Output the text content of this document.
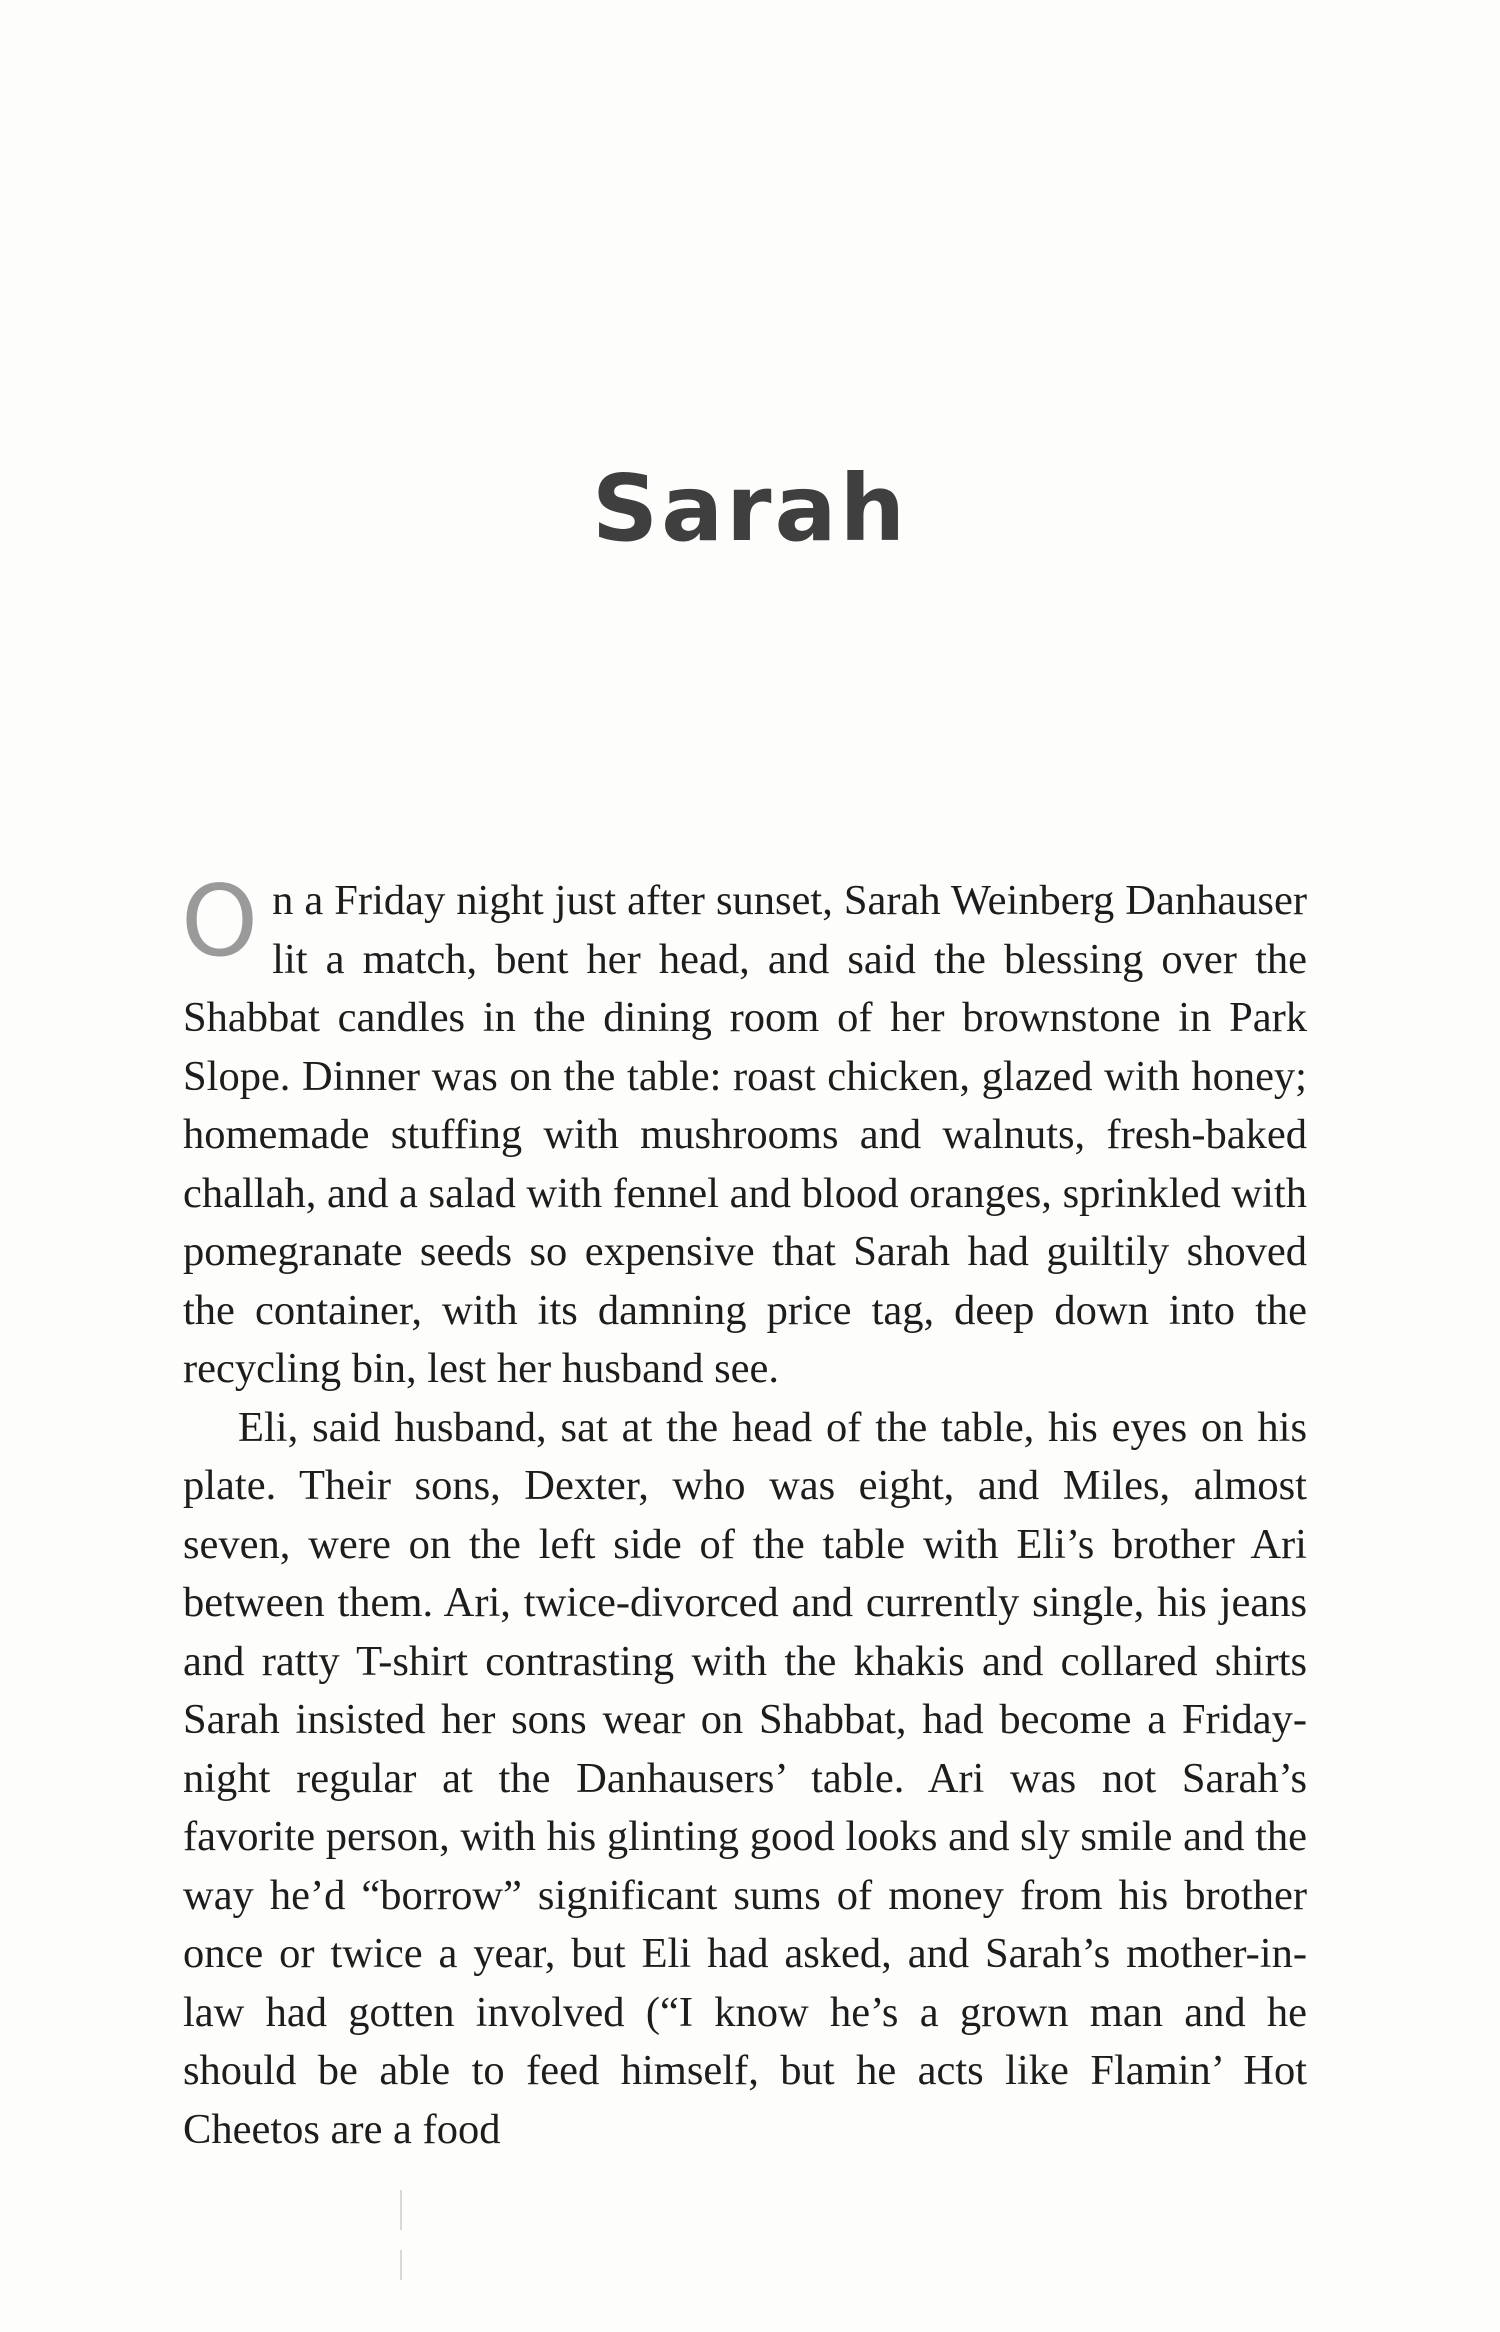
Sarah

On a Friday night just after sunset, Sarah Weinberg Danhauser lit a match, bent her head, and said the blessing over the Shabbat candles in the dining room of her brownstone in Park Slope. Dinner was on the table: roast chicken, glazed with honey; homemade stuffing with mushrooms and walnuts, fresh-baked challah, and a salad with fennel and blood oranges, sprinkled with pomegranate seeds so expensive that Sarah had guiltily shoved the container, with its damning price tag, deep down into the recycling bin, lest her husband see.

Eli, said husband, sat at the head of the table, his eyes on his plate. Their sons, Dexter, who was eight, and Miles, almost seven, were on the left side of the table with Eli’s brother Ari between them. Ari, twice-divorced and currently single, his jeans and ratty T-shirt contrasting with the khakis and collared shirts Sarah insisted her sons wear on Shabbat, had become a Friday-night regular at the Danhausers’ table. Ari was not Sarah’s favorite person, with his glinting good looks and sly smile and the way he’d “borrow” significant sums of money from his brother once or twice a year, but Eli had asked, and Sarah’s mother-in-law had gotten involved (“I know he’s a grown man and he should be able to feed himself, but he acts like Flamin’ Hot Cheetos are a food
